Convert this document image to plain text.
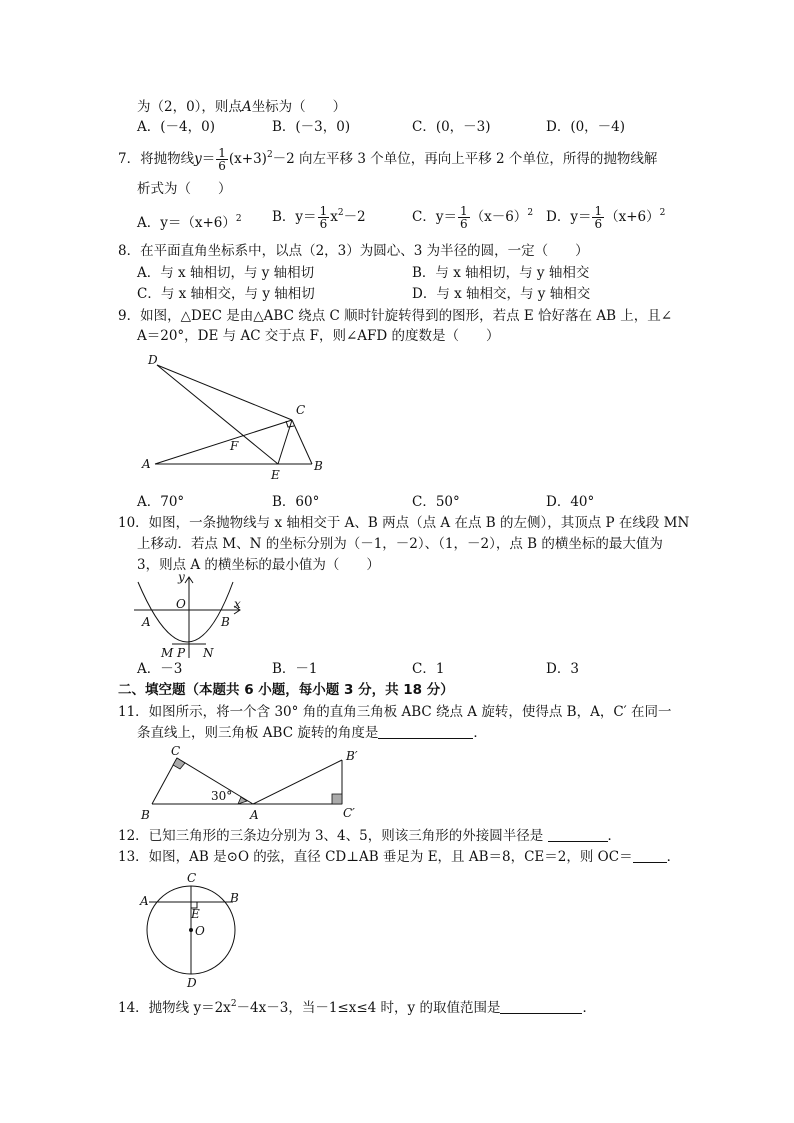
为（2，0），则点A坐标为（　　）
A．(－4，0)	B．(－3，0)	C．(0，－3)	D．(0，－4)
7．将抛物线$y= \frac{1}{6} (x+3)^2-2$ 向左平移 3 个单位，再向上平移 2 个单位，所得的抛物线解
析式为（　　）
A．$y=(x+6)^2$ B．$y= \frac{1}{6} x^2-2$	C．$y= \frac{1}{6} (x-6)^2$ D．$y= \frac{1}{6} (x+6)^2$
8．在平面直角坐标系中，以点（2，3）为圆心、3 为半径的圆，一定（　　）
A．与 x 轴相切，与 y 轴相切	B．与 x 轴相切，与 y 轴相交
C．与 x 轴相交，与 y 轴相切	D．与 x 轴相交，与 y 轴相交
9．如图，△DEC 是由△ABC 绕点 C 顺时针旋转得到的图形，若点 E 恰好落在 AB 上，且∠
A＝20°，DE 与 AC 交于点 F，则∠AFD 的度数是（　　）
D
C
F
A
E
B
A．70°	B．60°	C．50°	D．40°
10．如图，一条抛物线与 x 轴相交于 A、B 两点（点 A 在点 B 的左侧），其顶点 P 在线段 MN
上移动．若点 M、N 的坐标分别为（－1，－2）、（1，－2），点 B 的横坐标的最大值为
3，则点 A 的横坐标的最小值为（　　）
y
x
O
A	B
M P N
A．－3	B．－1	C．1	D．3
二、填空题（本题共 6 小题，每小题 3 分，共 18 分）
11．如图所示，将一个含 30° 角的直角三角板 ABC 绕点 A 旋转，使得点 B，A，C′ 在同一
条直线上，则三角板 ABC 旋转的角度是	．
C
B	A
30°
B′
C′
12．已知三角形的三条边分别为 3、4、5，则该三角形的外接圆半径是	．
13．如图，AB 是⊙O 的弦，直径 CD⊥AB 垂足为 E，且 AB＝8，CE＝2，则 OC＝	．
C
A	B
E
O
D
14．抛物线 $y=2x^2-4x-3$，当－1≤x≤4 时，y 的取值范围是	．
